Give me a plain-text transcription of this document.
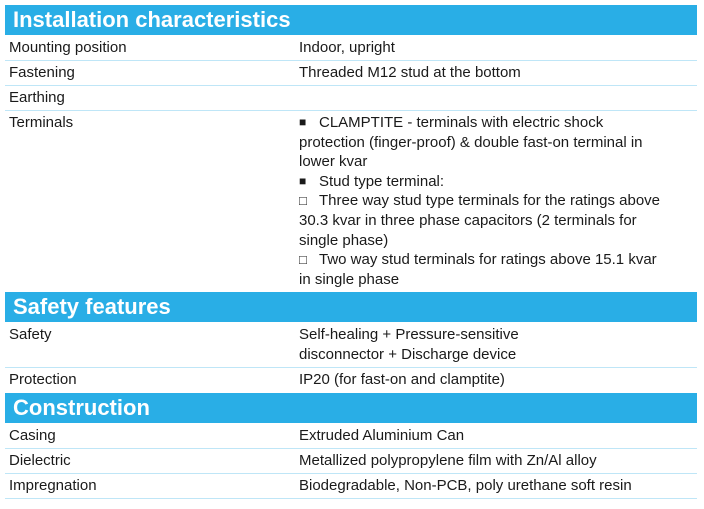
Installation characteristics
Mounting position	Indoor, upright
Fastening	Threaded M12 stud at the bottom
Earthing
Terminals	■ CLAMPTITE - terminals with electric shock
protection (finger-proof) & double fast-on terminal in
lower kvar
■ Stud type terminal:
□ Three way stud type terminals for the ratings above
30.3 kvar in three phase capacitors (2 terminals for
single phase)
□ Two way stud terminals for ratings above 15.1 kvar
in single phase
Safety features
Safety	Self-healing + Pressure-sensitive
disconnector + Discharge device
Protection	IP20 (for fast-on and clamptite)
Construction
Casing	Extruded Aluminium Can
Dielectric	Metallized polypropylene film with Zn/Al alloy
Impregnation	Biodegradable, Non-PCB, poly urethane soft resin
